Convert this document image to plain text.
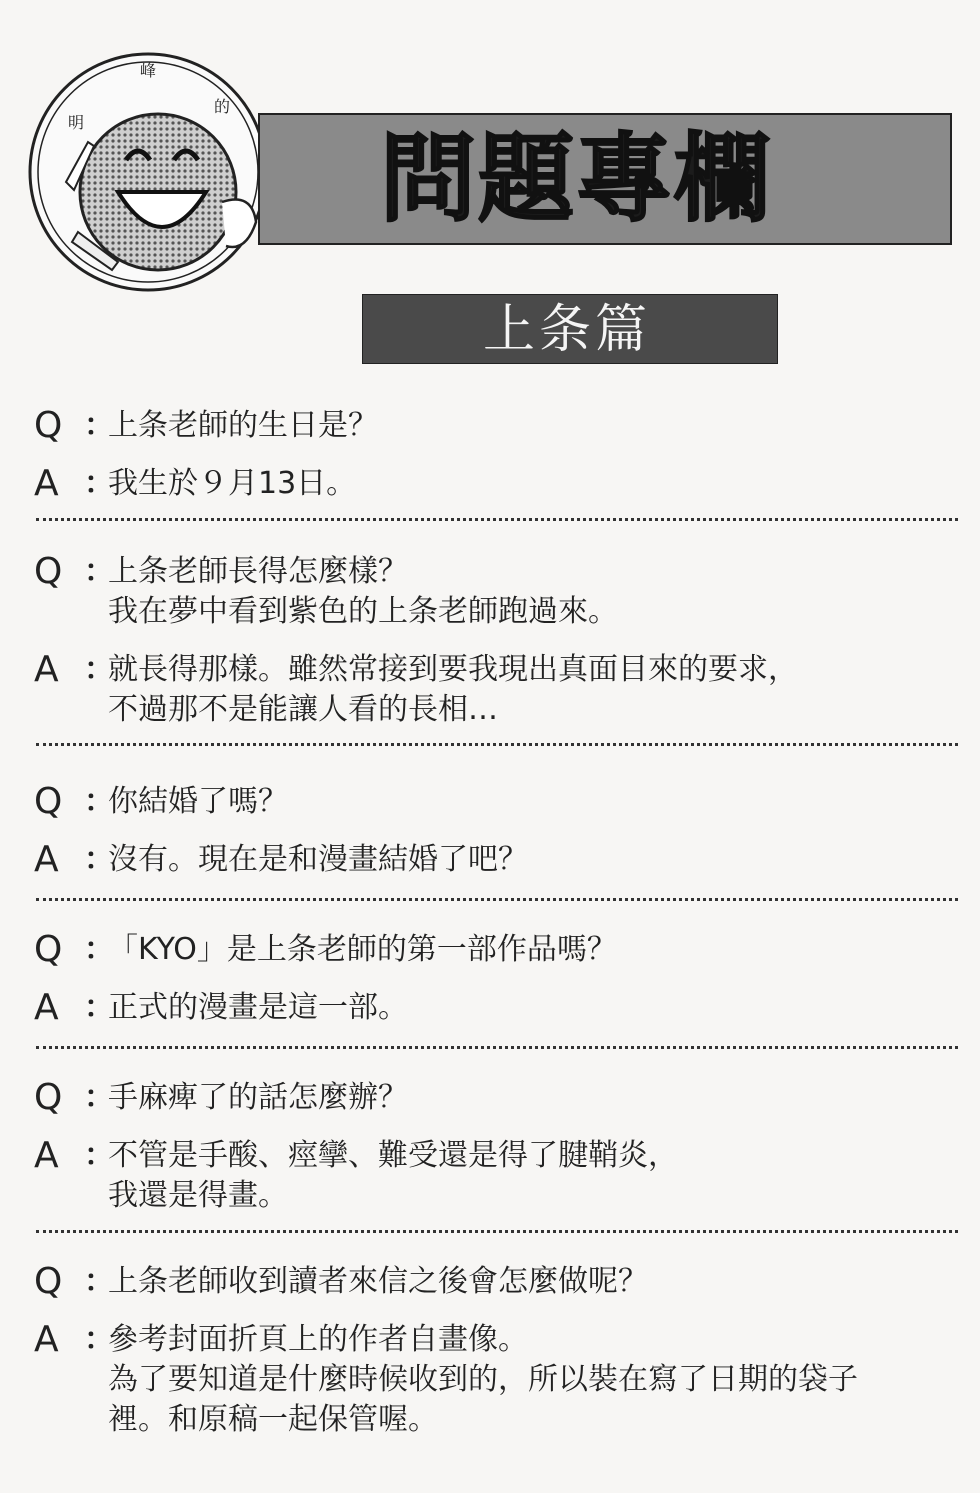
明
峰
的
問題專欄
上条篇
Q ：
上条老師的生日是？
A ：
我生於９月13日。
Q ：
上条老師長得怎麼樣？
我在夢中看到紫色的上条老師跑過來。
A ：
就長得那樣。雖然常接到要我現出真面目來的要求，
不過那不是能讓人看的長相…
Q ：
你結婚了嗎？
A ：
沒有。現在是和漫畫結婚了吧？
Q ：
「KYO」是上条老師的第一部作品嗎？
A ：
正式的漫畫是這一部。
Q ：
手麻痺了的話怎麼辦？
A ：
不管是手酸、痙攣、難受還是得了腱鞘炎，
我還是得畫。
Q ：
上条老師收到讀者來信之後會怎麼做呢？
A ：
參考封面折頁上的作者自畫像。
為了要知道是什麼時候收到的，所以裝在寫了日期的袋子
裡。和原稿一起保管喔。
